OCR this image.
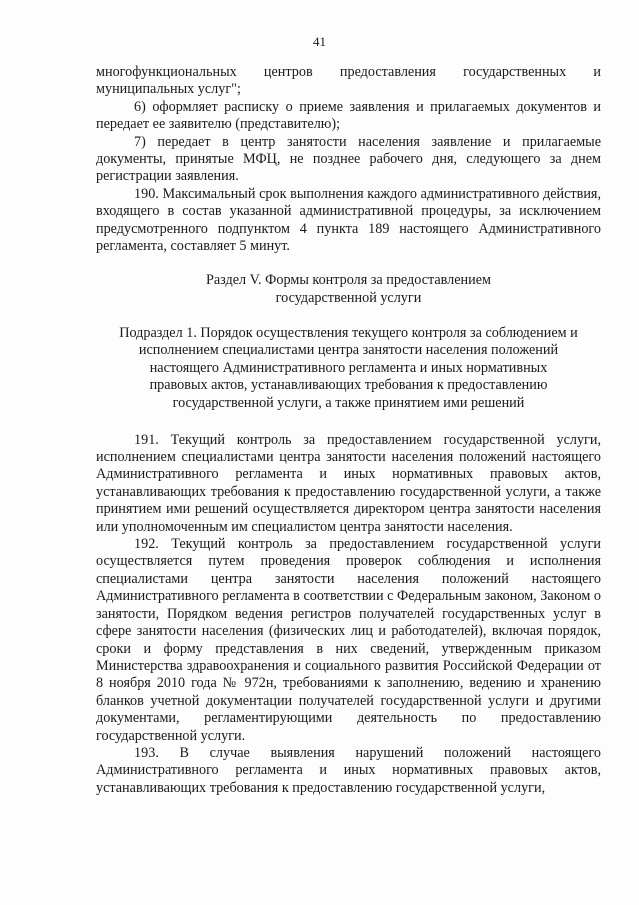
41

многофункциональных центров предоставления государственных и муниципальных услуг";

6) оформляет расписку о приеме заявления и прилагаемых документов и передает ее заявителю (представителю);

7) передает в центр занятости населения заявление и прилагаемые документы, принятые МФЦ, не позднее рабочего дня, следующего за днем регистрации заявления.

190. Максимальный срок выполнения каждого административного действия, входящего в состав указанной административной процедуры, за исключением предусмотренного подпунктом 4 пункта 189 настоящего Административного регламента, составляет 5 минут.

Раздел V. Формы контроля за предоставлением

государственной услуги

Подраздел 1. Порядок осуществления текущего контроля за соблюдением и

исполнением специалистами центра занятости населения положений

настоящего Административного регламента и иных нормативных

правовых актов, устанавливающих требования к предоставлению

государственной услуги, а также принятием ими решений

191. Текущий контроль за предоставлением государственной услуги, исполнением специалистами центра занятости населения положений настоящего Административного регламента и иных нормативных правовых актов, устанавливающих требования к предоставлению государственной услуги, а также принятием ими решений осуществляется директором центра занятости населения или уполномоченным им специалистом центра занятости населения.

192. Текущий контроль за предоставлением государственной услуги осуществляется путем проведения проверок соблюдения и исполнения специалистами центра занятости населения положений настоящего Административного регламента в соответствии с Федеральным законом, Законом о занятости, Порядком ведения регистров получателей государственных услуг в сфере занятости населения (физических лиц и работодателей), включая порядок, сроки и форму представления в них сведений, утвержденным приказом Министерства здравоохранения и социального развития Российской Федерации от 8 ноября 2010 года № 972н, требованиями к заполнению, ведению и хранению бланков учетной документации получателей государственной услуги и другими документами, регламентирующими деятельность по предоставлению государственной услуги.

193. В случае выявления нарушений положений настоящего Административного регламента и иных нормативных правовых актов, устанавливающих требования к предоставлению государственной услуги,
